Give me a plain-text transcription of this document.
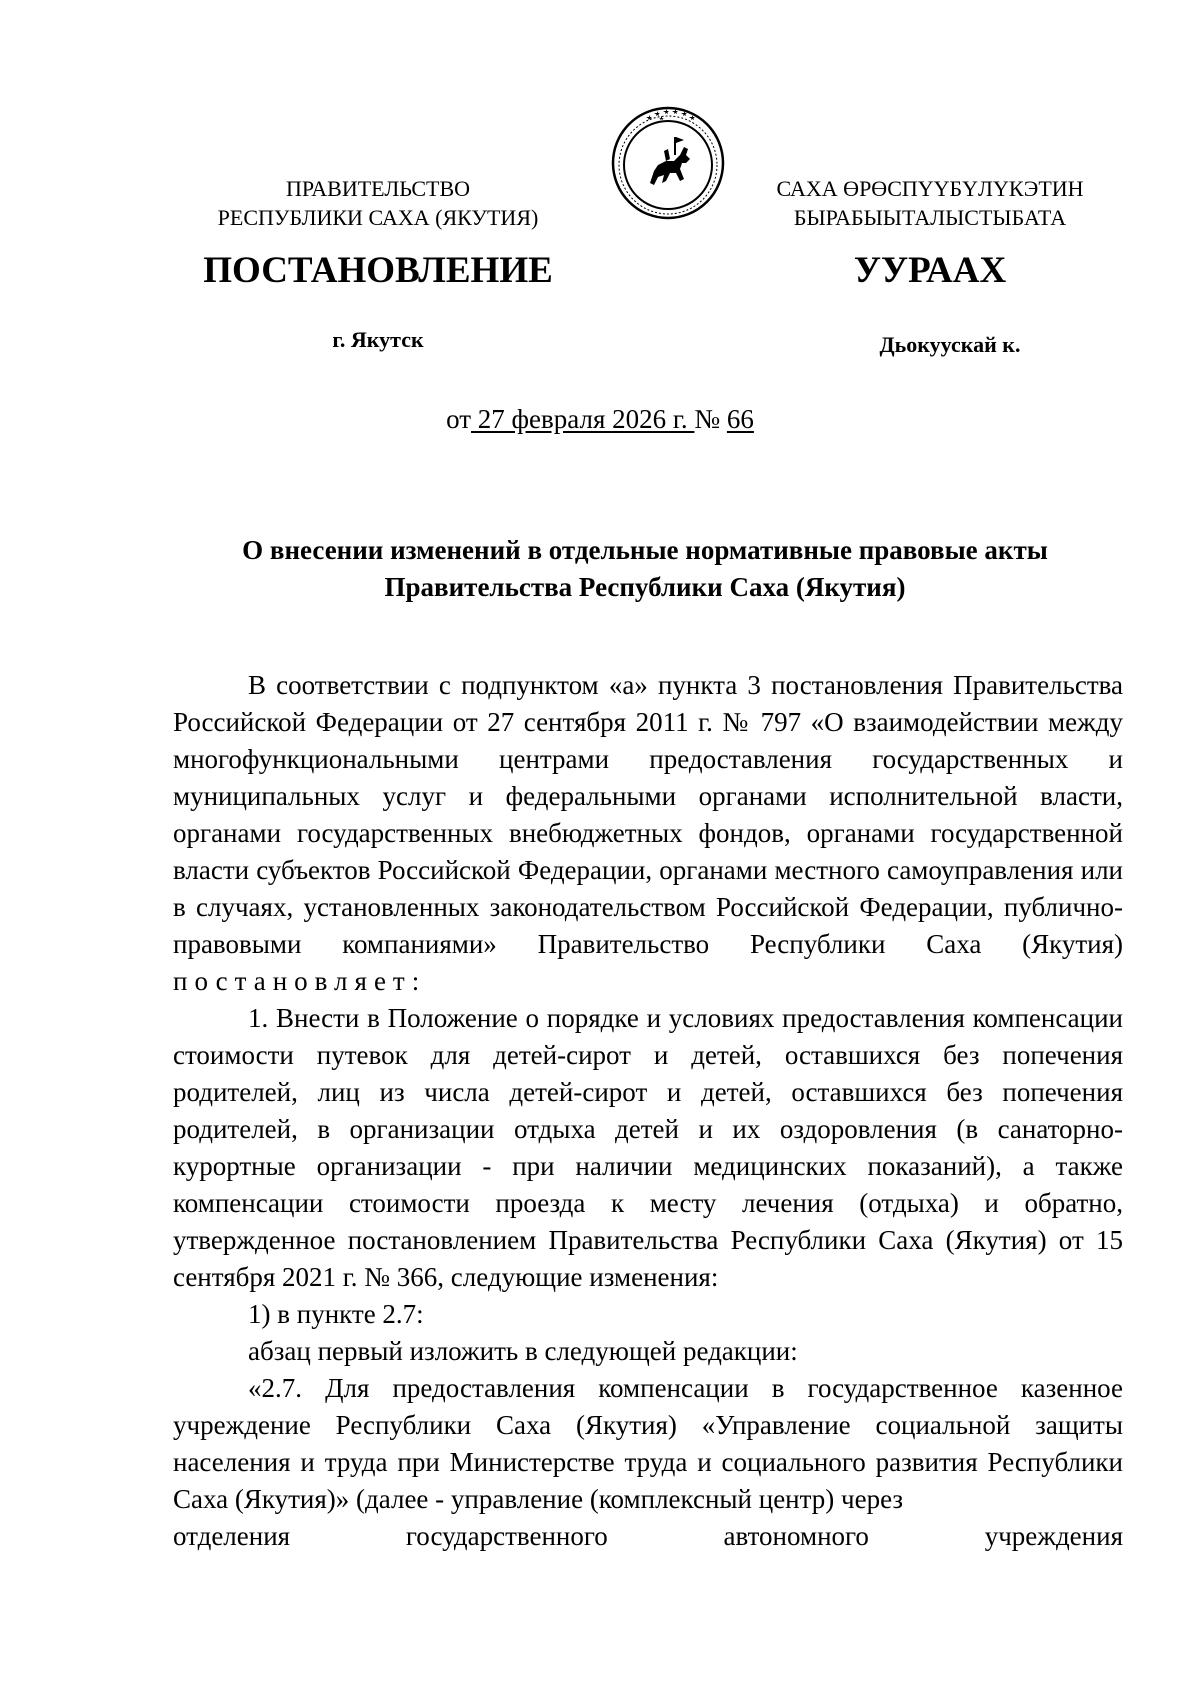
ПРАВИТЕЛЬСТВО
РЕСПУБЛИКИ САХА (ЯКУТИЯ)
САХА ӨРӨСПҮҮБҮЛҮКЭТИН
БЫРАБЫЫТАЛЫСТЫБАТА
ПОСТАНОВЛЕНИЕ	УУРААХ
г. Якутск	Дьокуускай к.
от 27 февраля 2026 г. № 66
О внесении изменений в отдельные нормативные правовые акты
Правительства Республики Саха (Якутия)
В соответствии с подпунктом «а» пункта 3 постановления Правительства Российской Федерации от 27 сентября 2011 г. № 797 «О взаимодействии между многофункциональными центрами предоставления государственных и муниципальных услуг и федеральными органами исполнительной власти, органами государственных внебюджетных фондов, органами государственной власти субъектов Российской Федерации, органами местного самоуправления или в случаях, установленных законодательством Российской Федерации, публично-правовыми компаниями» Правительство Республики Саха (Якутия)
постановляет:
1. Внести в Положение о порядке и условиях предоставления компенсации стоимости путевок для детей-сирот и детей, оставшихся без попечения родителей, лиц из числа детей-сирот и детей, оставшихся без попечения родителей, в организации отдыха детей и их оздоровления (в санаторно-курортные организации - при наличии медицинских показаний), а также компенсации стоимости проезда к месту лечения (отдыха) и обратно, утвержденное постановлением Правительства Республики Саха (Якутия) от 15 сентября 2021 г. № 366, следующие изменения:
1) в пункте 2.7:
абзац первый изложить в следующей редакции:
«2.7. Для предоставления компенсации в государственное казенное учреждение Республики Саха (Якутия) «Управление социальной защиты населения и труда при Министерстве труда и социального развития Республики Саха (Якутия)» (далее - управление (комплексный центр) через
отделения государственного автономного учреждения
